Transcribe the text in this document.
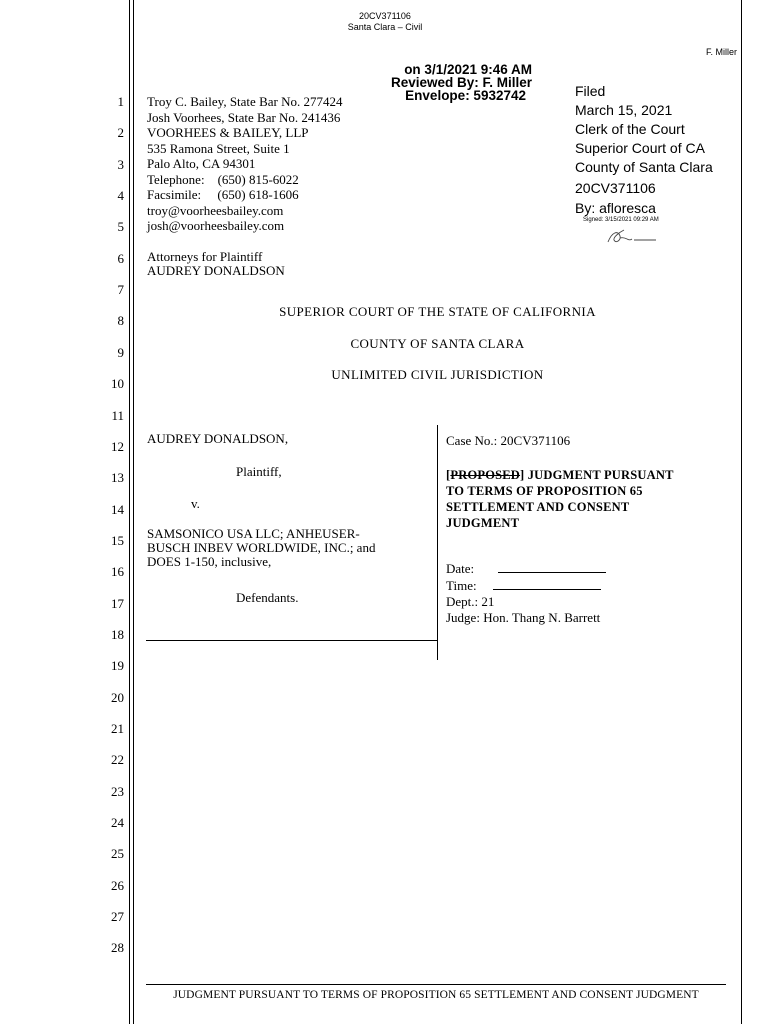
20CV371106
Santa Clara – Civil
F. Miller
on 3/1/2021 9:46 AM
Reviewed By: F. Miller
Envelope: 5932742	Filed
March 15, 2021
Clerk of the Court
Superior Court of CA
County of Santa Clara
20CV371106
By: afloresca
Signed: 3/15/2021 09:29 AM
Troy C. Bailey, State Bar No. 277424
Josh Voorhees, State Bar No. 241436
VOORHEES & BAILEY, LLP
535 Ramona Street, Suite 1
Palo Alto, CA 94301
Telephone:    (650) 815-6022
Facsimile:     (650) 618-1606
troy@voorheesbailey.com
josh@voorheesbailey.com
Attorneys for Plaintiff
AUDREY DONALDSON
SUPERIOR COURT OF THE STATE OF CALIFORNIA
COUNTY OF SANTA CLARA
UNLIMITED CIVIL JURISDICTION
AUDREY DONALDSON,
Plaintiff,
v.
SAMSONICO USA LLC; ANHEUSER-
BUSCH INBEV WORLDWIDE, INC.; and
DOES 1-150, inclusive,
Defendants.
Case No.: 20CV371106
[PROPOSED] JUDGMENT PURSUANT
TO TERMS OF PROPOSITION 65
SETTLEMENT AND CONSENT
JUDGMENT
Date:
Time:
Dept.: 21
Judge: Hon. Thang N. Barrett
1
2
3
4
5
6
7
8
9
10
11
12
13
14
15
16
17
18
19
20
21
22
23
24
25
26
27
28
JUDGMENT PURSUANT TO TERMS OF PROPOSITION 65 SETTLEMENT AND CONSENT JUDGMENT
